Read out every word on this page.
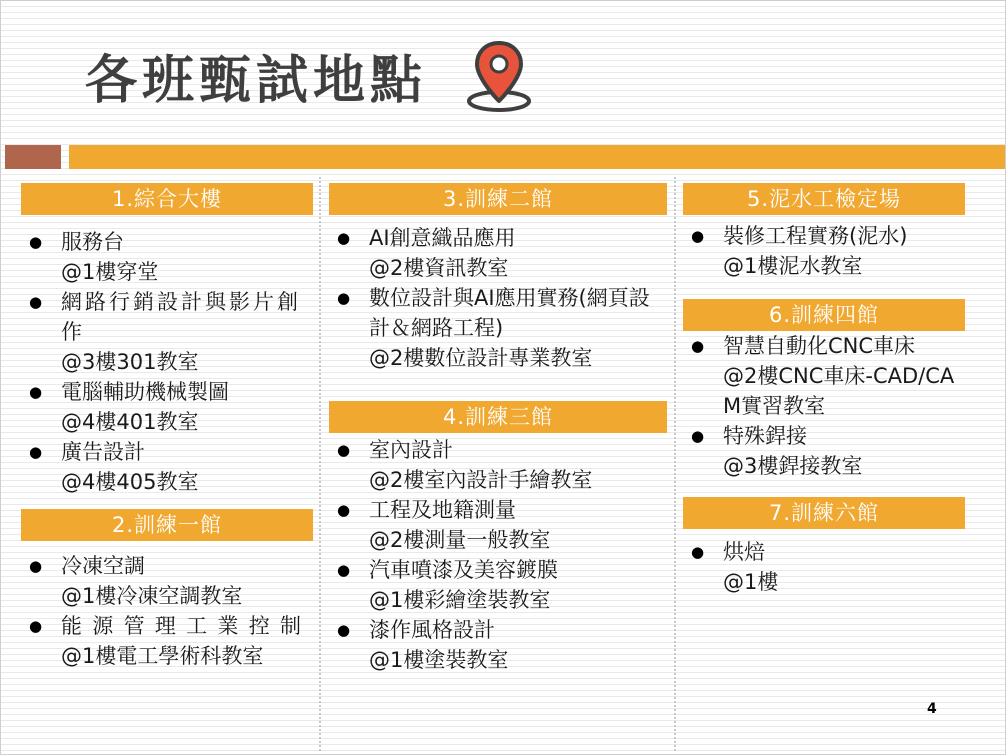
各班甄試地點
1.綜合大樓
● 服務台
@1樓穿堂
● 網路行銷設計與影片創作
@3樓301教室
● 電腦輔助機械製圖
@4樓401教室
● 廣告設計
@4樓405教室
2.訓練一館
● 冷凍空調
@1樓冷凍空調教室
● 能源管理工業控制
@1樓電工學術科教室
3.訓練二館
● AI創意織品應用
@2樓資訊教室
● 數位設計與AI應用實務(網頁設計＆網路工程)
@2樓數位設計專業教室
4.訓練三館
● 室內設計
@2樓室內設計手繪教室
● 工程及地籍測量
@2樓測量一般教室
● 汽車噴漆及美容鍍膜
@1樓彩繪塗裝教室
● 漆作風格設計
@1樓塗裝教室
5.泥水工檢定場
● 裝修工程實務(泥水)
@1樓泥水教室
6.訓練四館
● 智慧自動化CNC車床
@2樓CNC車床-CAD/CAM實習教室
● 特殊銲接
@3樓銲接教室
7.訓練六館
● 烘焙
@1樓
4
